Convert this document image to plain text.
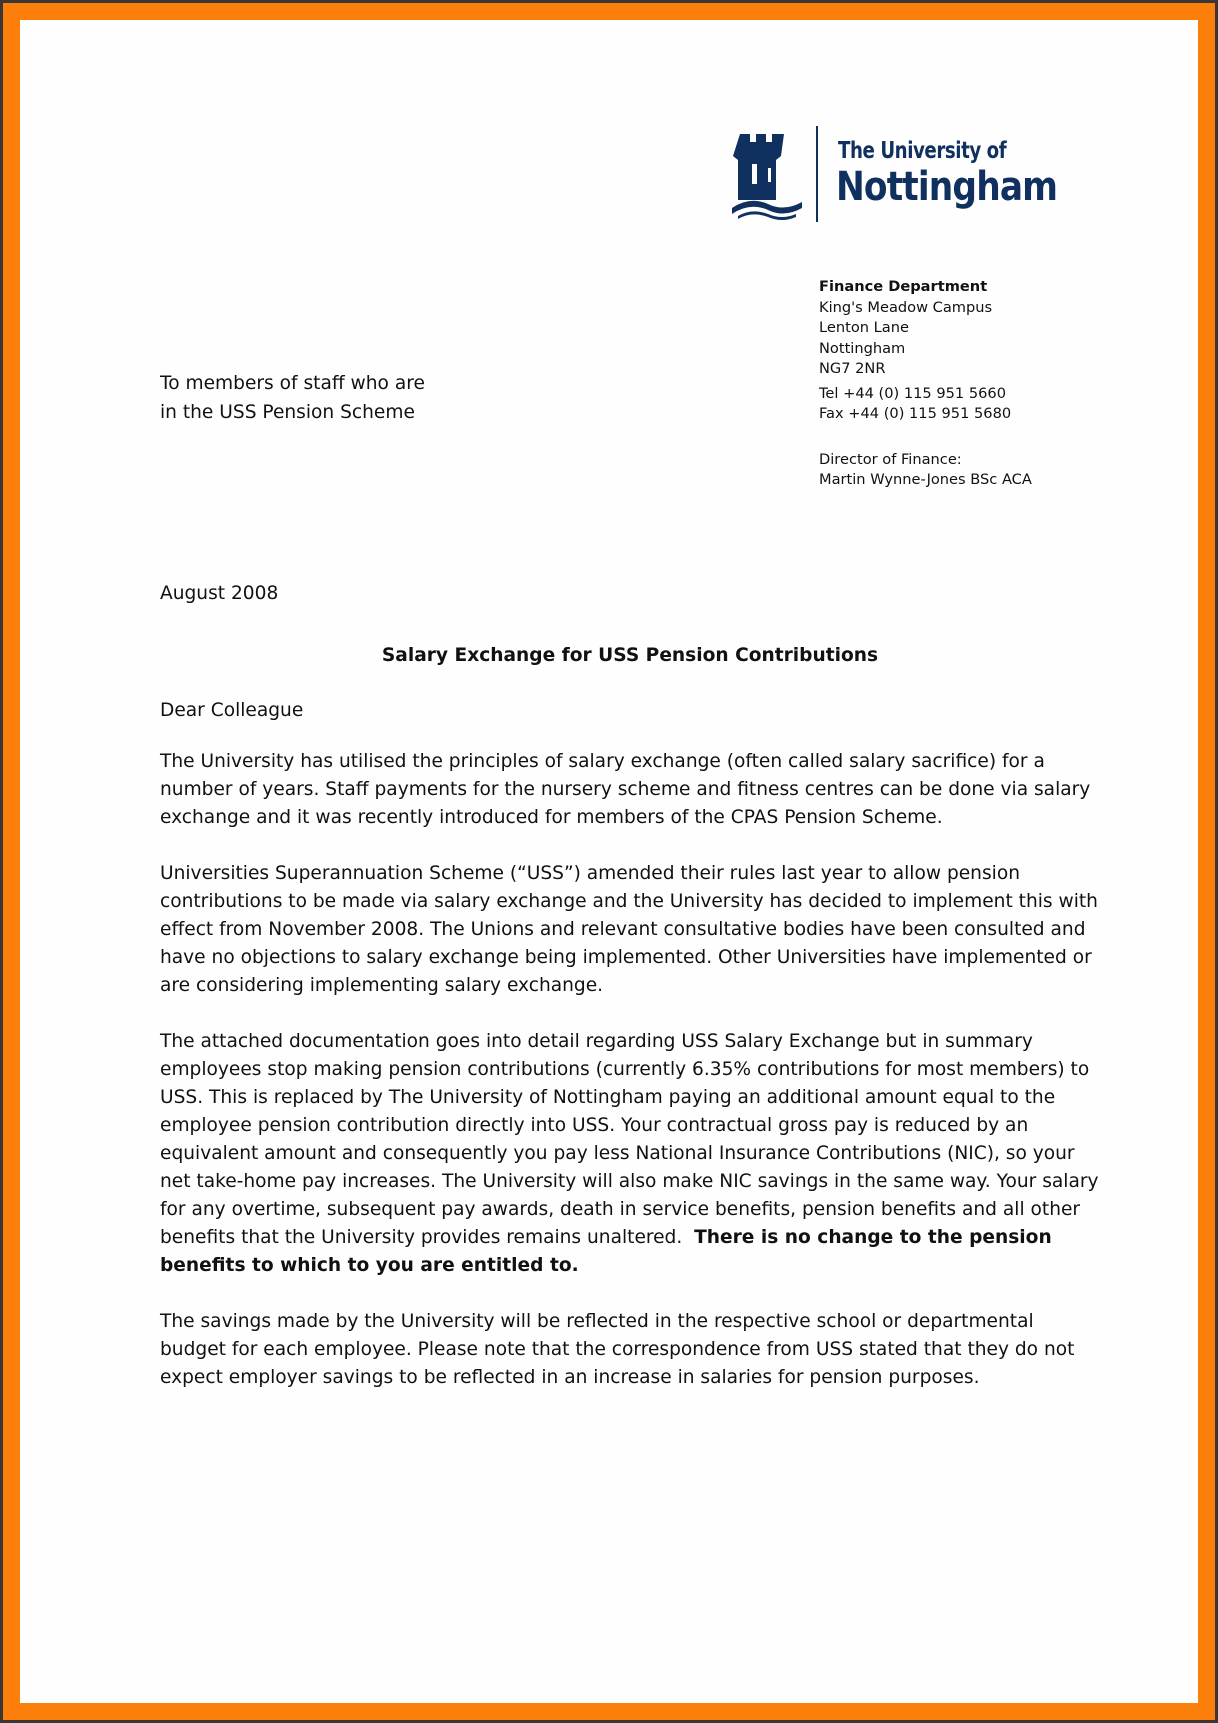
The University of
Nottingham
Finance Department
King's Meadow Campus
Lenton Lane
Nottingham
NG7 2NR
Tel +44 (0) 115 951 5660
Fax +44 (0) 115 951 5680
Director of Finance:
Martin Wynne-Jones BSc ACA
To members of staff who are
in the USS Pension Scheme
August 2008
Salary Exchange for USS Pension Contributions
Dear Colleague

The University has utilised the principles of salary exchange (often called salary sacrifice) for a number of years. Staff payments for the nursery scheme and fitness centres can be done via salary exchange and it was recently introduced for members of the CPAS Pension Scheme.

Universities Superannuation Scheme (“USS”) amended their rules last year to allow pension contributions to be made via salary exchange and the University has decided to implement this with effect from November 2008. The Unions and relevant consultative bodies have been consulted and have no objections to salary exchange being implemented. Other Universities have implemented or are considering implementing salary exchange.

The attached documentation goes into detail regarding USS Salary Exchange but in summary employees stop making pension contributions (currently 6.35% contributions for most members) to USS. This is replaced by The University of Nottingham paying an additional amount equal to the employee pension contribution directly into USS. Your contractual gross pay is reduced by an equivalent amount and consequently you pay less National Insurance Contributions (NIC), so your net take-home pay increases. The University will also make NIC savings in the same way. Your salary for any overtime, subsequent pay awards, death in service benefits, pension benefits and all other benefits that the University provides remains unaltered. There is no change to the pension benefits to which to you are entitled to.

The savings made by the University will be reflected in the respective school or departmental budget for each employee. Please note that the correspondence from USS stated that they do not expect employer savings to be reflected in an increase in salaries for pension purposes.
